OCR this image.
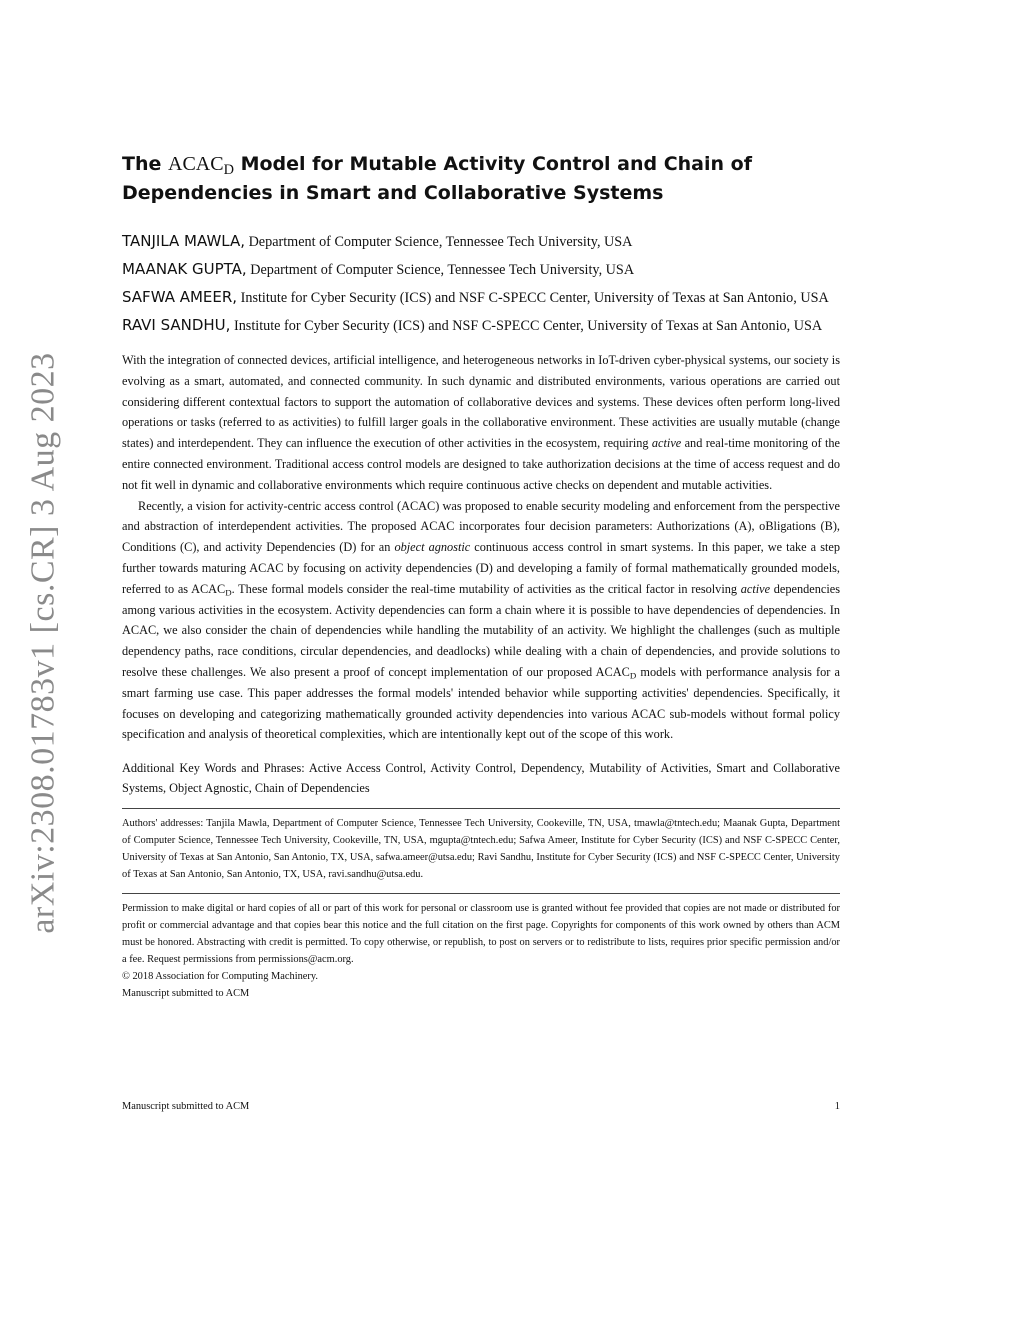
arXiv:2308.01783v1 [cs.CR] 3 Aug 2023
The $ACAC_D$ Model for Mutable Activity Control and Chain of Dependencies in Smart and Collaborative Systems

TANJILA MAWLA, Department of Computer Science, Tennessee Tech University, USA

MAANAK GUPTA, Department of Computer Science, Tennessee Tech University, USA

SAFWA AMEER, Institute for Cyber Security (ICS) and NSF C-SPECC Center, University of Texas at San Antonio, USA

RAVI SANDHU, Institute for Cyber Security (ICS) and NSF C-SPECC Center, University of Texas at San Antonio, USA

With the integration of connected devices, artificial intelligence, and heterogeneous networks in IoT-driven cyber-physical systems, our society is evolving as a smart, automated, and connected community. In such dynamic and distributed environments, various operations are carried out considering different contextual factors to support the automation of collaborative devices and systems. These devices often perform long-lived operations or tasks (referred to as activities) to fulfill larger goals in the collaborative environment. These activities are usually mutable (change states) and interdependent. They can influence the execution of other activities in the ecosystem, requiring active and real-time monitoring of the entire connected environment. Traditional access control models are designed to take authorization decisions at the time of access request and do not fit well in dynamic and collaborative environments which require continuous active checks on dependent and mutable activities.

Recently, a vision for activity-centric access control (ACAC) was proposed to enable security modeling and enforcement from the perspective and abstraction of interdependent activities. The proposed ACAC incorporates four decision parameters: Authorizations (A), oBligations (B), Conditions (C), and activity Dependencies (D) for an object agnostic continuous access control in smart systems. In this paper, we take a step further towards maturing ACAC by focusing on activity dependencies (D) and developing a family of formal mathematically grounded models, referred to as $ACAC_D$. These formal models consider the real-time mutability of activities as the critical factor in resolving active dependencies among various activities in the ecosystem. Activity dependencies can form a chain where it is possible to have dependencies of dependencies. In ACAC, we also consider the chain of dependencies while handling the mutability of an activity. We highlight the challenges (such as multiple dependency paths, race conditions, circular dependencies, and deadlocks) while dealing with a chain of dependencies, and provide solutions to resolve these challenges. We also present a proof of concept implementation of our proposed $ACAC_D$ models with performance analysis for a smart farming use case. This paper addresses the formal models' intended behavior while supporting activities' dependencies. Specifically, it focuses on developing and categorizing mathematically grounded activity dependencies into various ACAC sub-models without formal policy specification and analysis of theoretical complexities, which are intentionally kept out of the scope of this work.

Additional Key Words and Phrases: Active Access Control, Activity Control, Dependency, Mutability of Activities, Smart and Collaborative Systems, Object Agnostic, Chain of Dependencies

Authors' addresses: Tanjila Mawla, Department of Computer Science, Tennessee Tech University, Cookeville, TN, USA, tmawla@tntech.edu; Maanak Gupta, Department of Computer Science, Tennessee Tech University, Cookeville, TN, USA, mgupta@tntech.edu; Safwa Ameer, Institute for Cyber Security (ICS) and NSF C-SPECC Center, University of Texas at San Antonio, San Antonio, TX, USA, safwa.ameer@utsa.edu; Ravi Sandhu, Institute for Cyber Security (ICS) and NSF C-SPECC Center, University of Texas at San Antonio, San Antonio, TX, USA, ravi.sandhu@utsa.edu.

Permission to make digital or hard copies of all or part of this work for personal or classroom use is granted without fee provided that copies are not made or distributed for profit or commercial advantage and that copies bear this notice and the full citation on the first page. Copyrights for components of this work owned by others than ACM must be honored. Abstracting with credit is permitted. To copy otherwise, or republish, to post on servers or to redistribute to lists, requires prior specific permission and/or a fee. Request permissions from permissions@acm.org.

© 2018 Association for Computing Machinery.

Manuscript submitted to ACM

Manuscript submitted to ACM	1
